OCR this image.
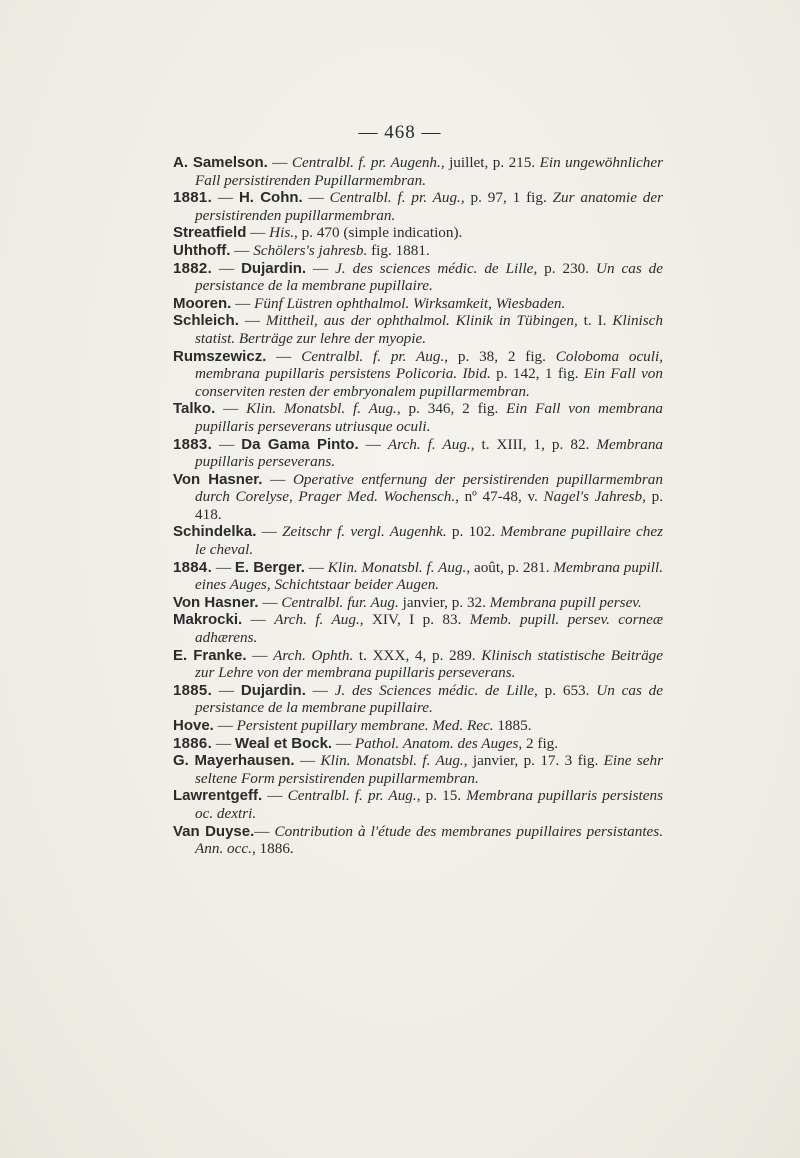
— 468 —

A. Samelson. — Centralbl. f. pr. Augenh., juillet, p. 215. Ein ungewöhnlicher Fall persistirenden Pupillarmembran.

1881. — H. Cohn. — Centralbl. f. pr. Aug., p. 97, 1 fig. Zur anatomie der persistirenden pupillarmembran.

Streatfield — His., p. 470 (simple indication).

Uhthoff. — Schölers's jahresb. fig. 1881.

1882. — Dujardin. — J. des sciences médic. de Lille, p. 230. Un cas de persistance de la membrane pupillaire.

Mooren. — Fünf Lüstren ophthalmol. Wirksamkeit, Wiesbaden.

Schleich. — Mittheil, aus der ophthalmol. Klinik in Tübingen, t. I. Klinisch statist. Berträge zur lehre der myopie.

Rumszewicz. — Centralbl. f. pr. Aug., p. 38, 2 fig. Coloboma oculi, membrana pupillaris persistens Policoria. Ibid. p. 142, 1 fig. Ein Fall von conserviten resten der embryonalem pupillarmembran.

Talko. — Klin. Monatsbl. f. Aug., p. 346, 2 fig. Ein Fall von membrana pupillaris perseverans utriusque oculi.

1883. — Da Gama Pinto. — Arch. f. Aug., t. XIII, 1, p. 82. Membrana pupillaris perseverans.

Von Hasner. — Operative entfernung der persistirenden pupillarmembran durch Corelyse, Prager Med. Wochensch., nº 47-48, v. Nagel's Jahresb, p. 418.

Schindelka. — Zeitschr f. vergl. Augenhk. p. 102. Membrane pupillaire chez le cheval.

1884. — E. Berger. — Klin. Monatsbl. f. Aug., août, p. 281. Membrana pupill. eines Auges, Schichtstaar beider Augen.

Von Hasner. — Centralbl. fur. Aug. janvier, p. 32. Membrana pupill persev.

Makrocki. — Arch. f. Aug., XIV, I p. 83. Memb. pupill. persev. corneæ adhærens.

E. Franke. — Arch. Ophth. t. XXX, 4, p. 289. Klinisch statistische Beiträge zur Lehre von der membrana pupillaris perseverans.

1885. — Dujardin. — J. des Sciences médic. de Lille, p. 653. Un cas de persistance de la membrane pupillaire.

Hove. — Persistent pupillary membrane. Med. Rec. 1885.

1886. — Weal et Bock. — Pathol. Anatom. des Auges, 2 fig.

G. Mayerhausen. — Klin. Monatsbl. f. Aug., janvier, p. 17. 3 fig. Eine sehr seltene Form persistirenden pupillarmembran.

Lawrentgeff. — Centralbl. f. pr. Aug., p. 15. Membrana pupillaris persistens oc. dextri.

Van Duyse.— Contribution à l'étude des membranes pupillaires persistantes. Ann. occ., 1886.
